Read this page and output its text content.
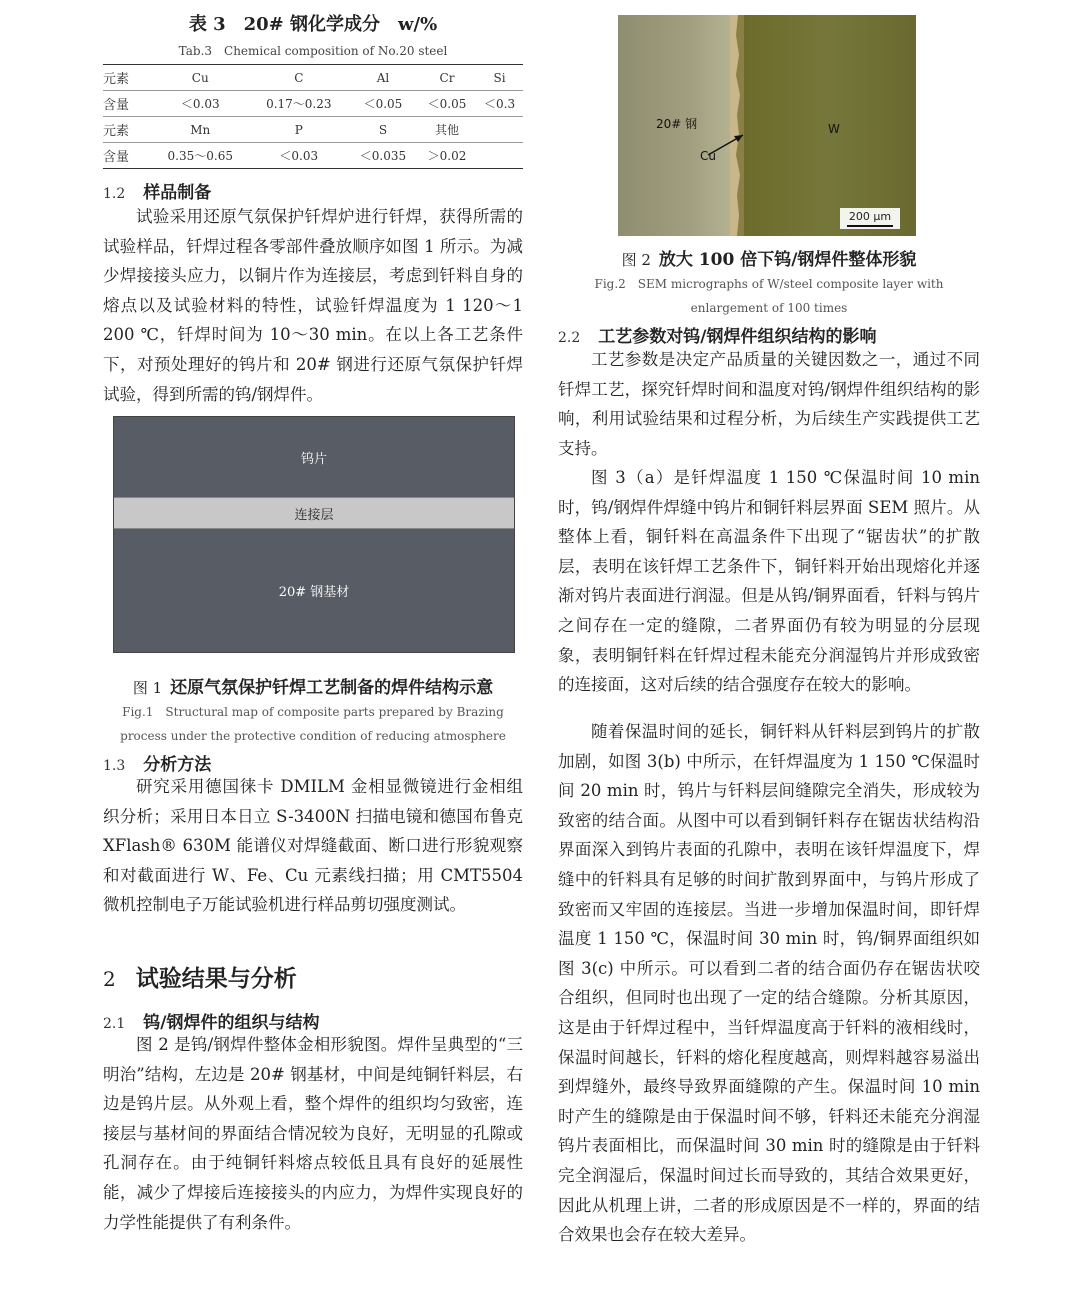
表 3　20# 钢化学成分　w/%
Tab.3　Chemical composition of No.20 steel
元素	Cu	C	Al	Cr	Si
含量	＜0.03	0.17～0.23	＜0.05	＜0.05	＜0.3
元素	Mn	P	S	其他	
含量	0.35～0.65	＜0.03	＜0.035	＞0.02	
1.2 样品制备

试验采用还原气氛保护钎焊炉进行钎焊，获得所需的试验样品，钎焊过程各零部件叠放顺序如图 1 所示。为减少焊接接头应力，以铜片作为连接层，考虑到钎料自身的熔点以及试验材料的特性，试验钎焊温度为 1 120～1 200 ℃，钎焊时间为 10～30 min。在以上各工艺条件下，对预处理好的钨片和 20# 钢进行还原气氛保护钎焊试验，得到所需的钨/钢焊件。

钨片
连接层
20# 钢基材
图 1 还原气氛保护钎焊工艺制备的焊件结构示意
Fig.1　Structural map of composite parts prepared by Brazing
process under the protective condition of reducing atmosphere
1.3 分析方法

研究采用德国徕卡 DMILM 金相显微镜进行金相组织分析；采用日本日立 S-3400N 扫描电镜和德国布鲁克 XFlash® 630M 能谱仪对焊缝截面、断口进行形貌观察和对截面进行 W、Fe、Cu 元素线扫描；用 CMT5504 微机控制电子万能试验机进行样品剪切强度测试。

2 试验结果与分析
2.1 钨/钢焊件的组织与结构

图 2 是钨/钢焊件整体金相形貌图。焊件呈典型的“三明治”结构，左边是 20# 钢基材，中间是纯铜钎料层，右边是钨片层。从外观上看，整个焊件的组织均匀致密，连接层与基材间的界面结合情况较为良好，无明显的孔隙或孔洞存在。由于纯铜钎料熔点较低且具有良好的延展性能，减少了焊接后连接接头的内应力，为焊件实现良好的力学性能提供了有利条件。

20# 钢
Cu
W
200 μm
图 2 放大 100 倍下钨/钢焊件整体形貌
Fig.2　SEM micrographs of W/steel composite layer with
enlargement of 100 times
2.2 工艺参数对钨/钢焊件组织结构的影响

工艺参数是决定产品质量的关键因数之一，通过不同钎焊工艺，探究钎焊时间和温度对钨/钢焊件组织结构的影响，利用试验结果和过程分析，为后续生产实践提供工艺支持。

图 3（a）是钎焊温度 1 150 ℃保温时间 10 min 时，钨/钢焊件焊缝中钨片和铜钎料层界面 SEM 照片。从整体上看，铜钎料在高温条件下出现了“锯齿状”的扩散层，表明在该钎焊工艺条件下，铜钎料开始出现熔化并逐渐对钨片表面进行润湿。但是从钨/铜界面看，钎料与钨片之间存在一定的缝隙，二者界面仍有较为明显的分层现象，表明铜钎料在钎焊过程未能充分润湿钨片并形成致密的连接面，这对后续的结合强度存在较大的影响。

随着保温时间的延长，铜钎料从钎料层到钨片的扩散加剧，如图 3(b) 中所示，在钎焊温度为 1 150 ℃保温时间 20 min 时，钨片与钎料层间缝隙完全消失，形成较为致密的结合面。从图中可以看到铜钎料存在锯齿状结构沿界面深入到钨片表面的孔隙中，表明在该钎焊温度下，焊缝中的钎料具有足够的时间扩散到界面中，与钨片形成了致密而又牢固的连接层。当进一步增加保温时间，即钎焊温度 1 150 ℃，保温时间 30 min 时，钨/铜界面组织如图 3(c) 中所示。可以看到二者的结合面仍存在锯齿状咬合组织，但同时也出现了一定的结合缝隙。分析其原因，这是由于钎焊过程中，当钎焊温度高于钎料的液相线时，保温时间越长，钎料的熔化程度越高，则焊料越容易溢出到焊缝外，最终导致界面缝隙的产生。保温时间 10 min 时产生的缝隙是由于保温时间不够，钎料还未能充分润湿钨片表面相比，而保温时间 30 min 时的缝隙是由于钎料完全润湿后，保温时间过长而导致的，其结合效果更好，因此从机理上讲，二者的形成原因是不一样的，界面的结合效果也会存在较大差异。
